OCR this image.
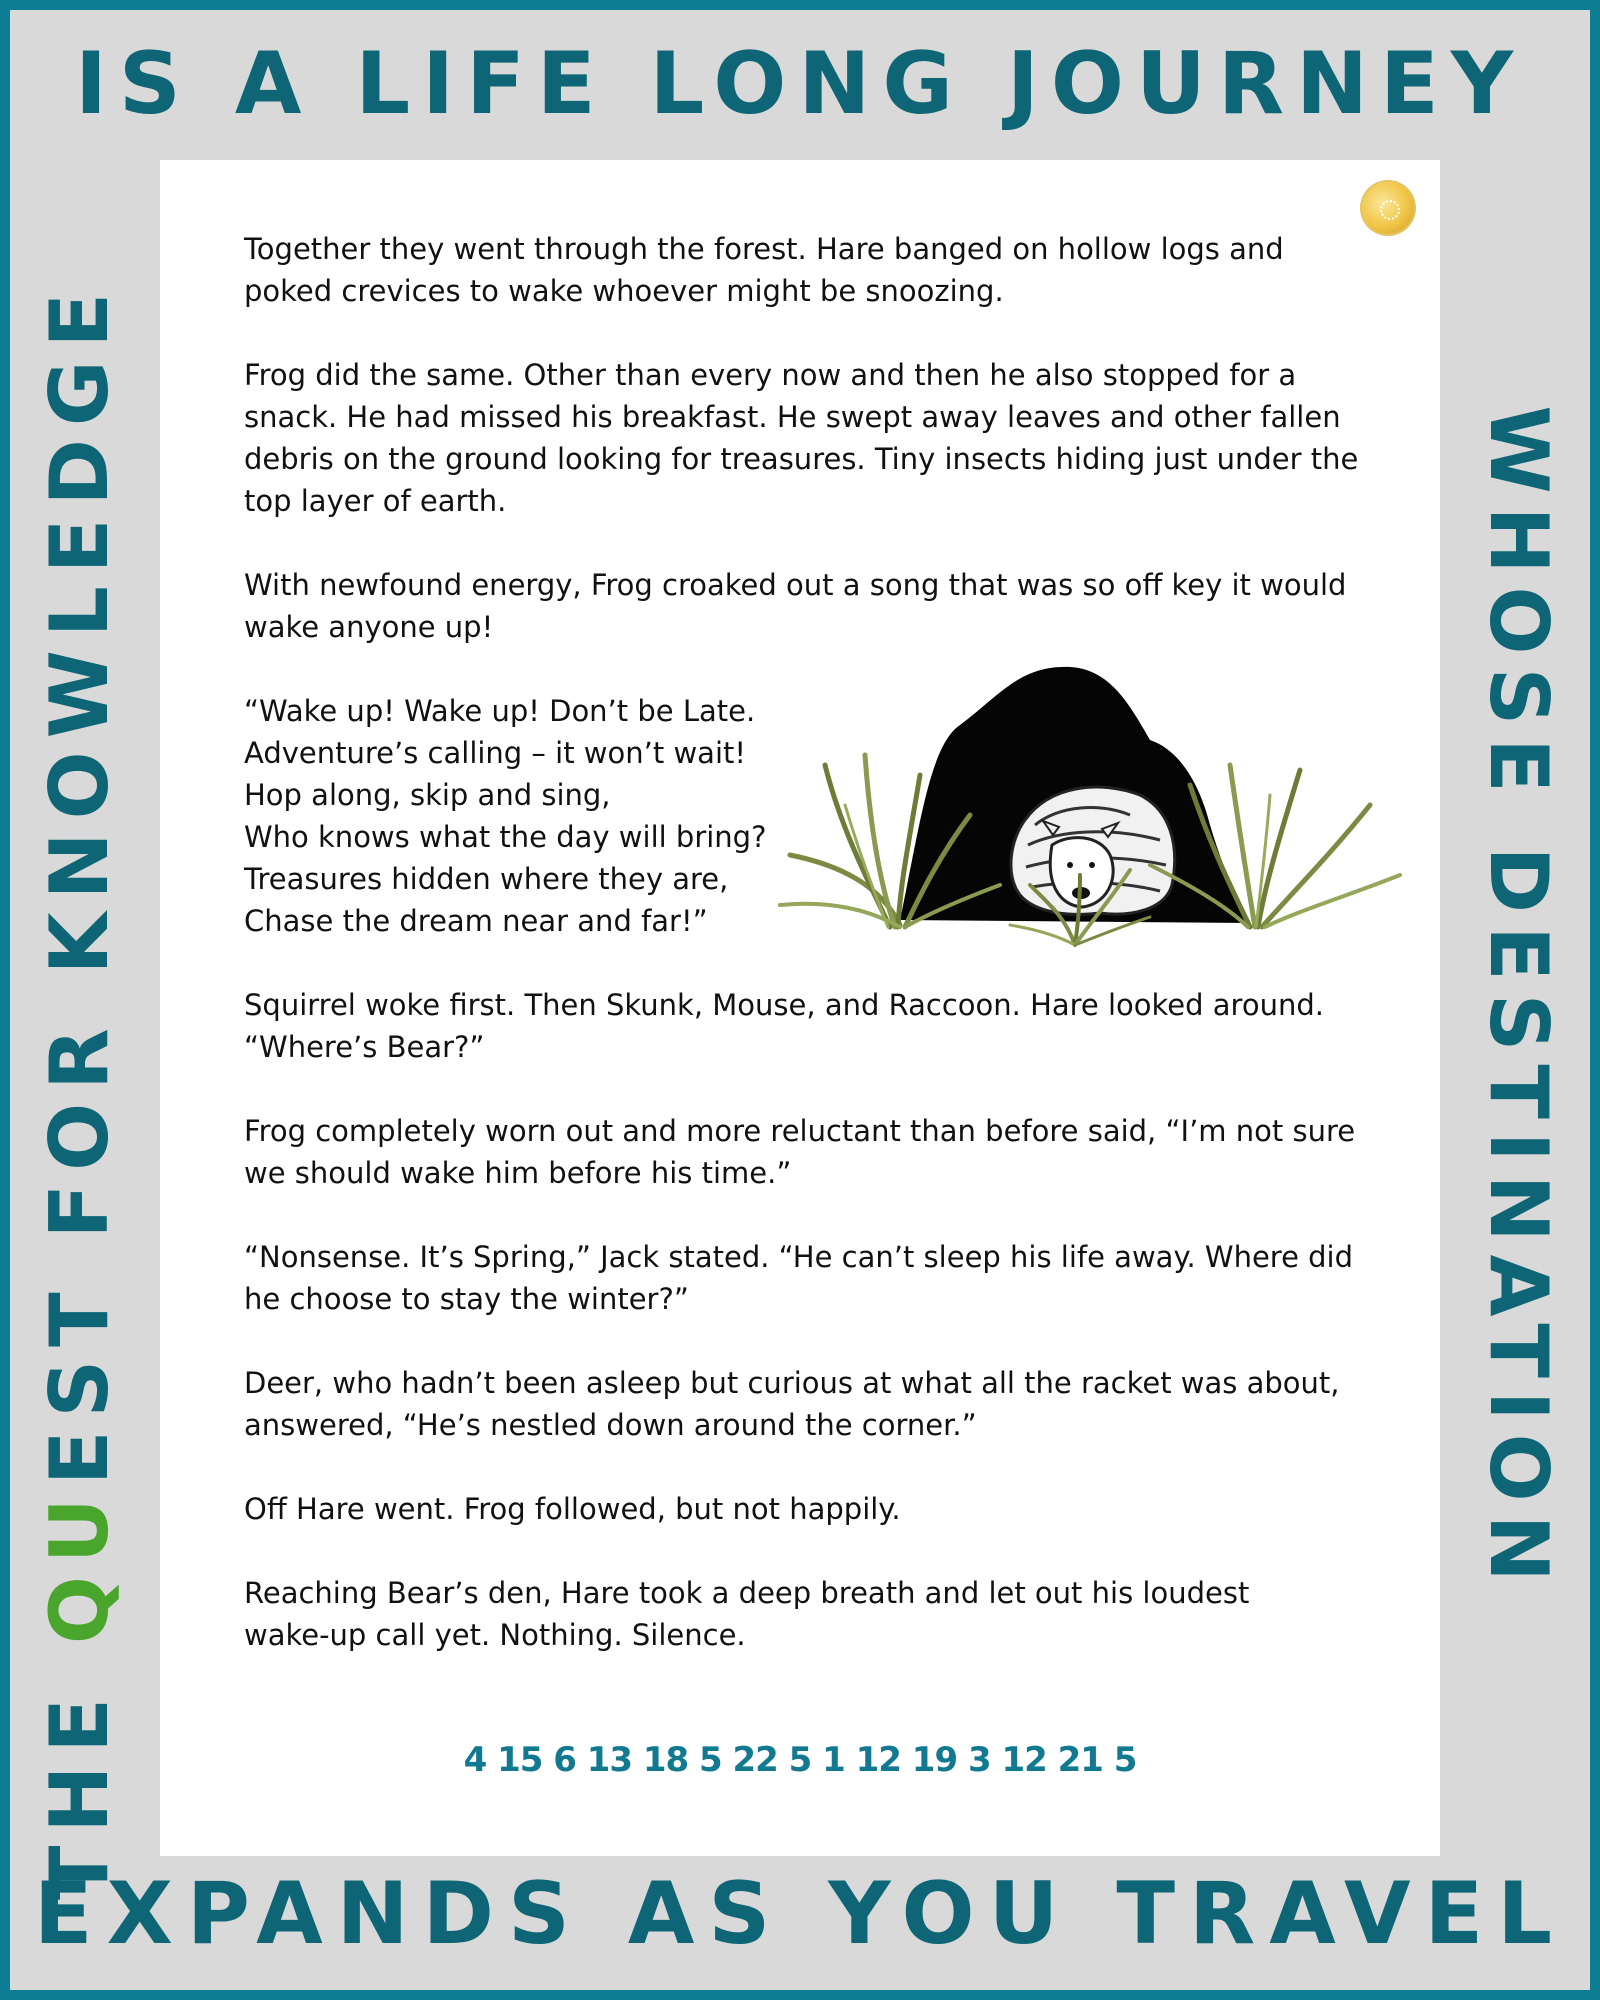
IS A LIFE LONG JOURNEY
EXPANDS AS YOU TRAVEL
THE QUEST FOR KNOWLEDGE	WHOSE DESTINATION

Together they went through the forest. Hare banged on hollow logs and poked crevices to wake whoever might be snoozing.

Frog did the same. Other than every now and then he also stopped for a snack. He had missed his breakfast. He swept away leaves and other fallen debris on the ground looking for treasures. Tiny insects hiding just under the top layer of earth.

With newfound energy, Frog croaked out a song that was so off key it would wake anyone up!

“Wake up! Wake up! Don’t be Late.
Adventure’s calling – it won’t wait!
Hop along, skip and sing,
Who knows what the day will bring?
Treasures hidden where they are,
Chase the dream near and far!”

Squirrel woke first. Then Skunk, Mouse, and Raccoon. Hare looked around. “Where’s Bear?”

Frog completely worn out and more reluctant than before said, “I’m not sure we should wake him before his time.”

“Nonsense. It’s Spring,” Jack stated. “He can’t sleep his life away. Where did he choose to stay the winter?”

Deer, who hadn’t been asleep but curious at what all the racket was about, answered, “He’s nestled down around the corner.”

Off Hare went. Frog followed, but not happily.

Reaching Bear’s den, Hare took a deep breath and let out his loudest wake-up call yet. Nothing. Silence.

4 15 6 13 18 5 22 5 1 12 19 3 12 21 5
